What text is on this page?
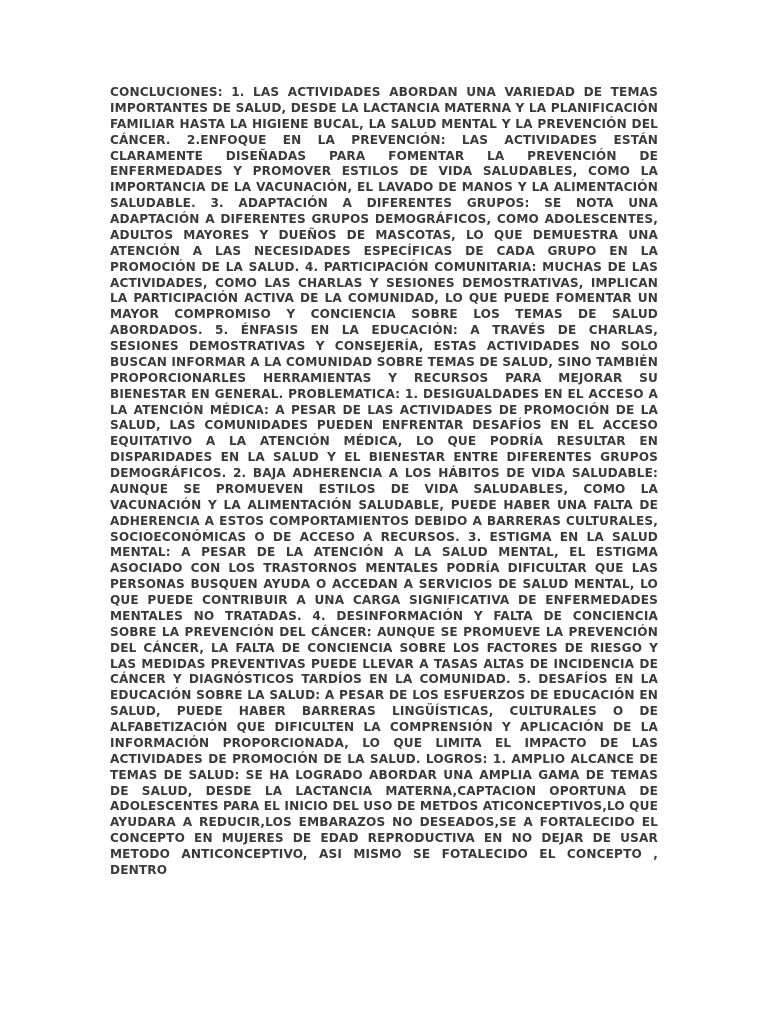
CONCLUCIONES: 1. LAS ACTIVIDADES ABORDAN UNA VARIEDAD DE TEMAS IMPORTANTES DE SALUD, DESDE LA LACTANCIA MATERNA Y LA PLANIFICACIÓN FAMILIAR HASTA LA HIGIENE BUCAL, LA SALUD MENTAL Y LA PREVENCIÓN DEL CÁNCER. 2.ENFOQUE EN LA PREVENCIÓN: LAS ACTIVIDADES ESTÁN CLARAMENTE DISEÑADAS PARA FOMENTAR LA PREVENCIÓN DE ENFERMEDADES Y PROMOVER ESTILOS DE VIDA SALUDABLES, COMO LA IMPORTANCIA DE LA VACUNACIÓN, EL LAVADO DE MANOS Y LA ALIMENTACIÓN SALUDABLE. 3. ADAPTACIÓN A DIFERENTES GRUPOS: SE NOTA UNA ADAPTACIÓN A DIFERENTES GRUPOS DEMOGRÁFICOS, COMO ADOLESCENTES, ADULTOS MAYORES Y DUEÑOS DE MASCOTAS, LO QUE DEMUESTRA UNA ATENCIÓN A LAS NECESIDADES ESPECÍFICAS DE CADA GRUPO EN LA PROMOCIÓN DE LA SALUD. 4. PARTICIPACIÓN COMUNITARIA: MUCHAS DE LAS ACTIVIDADES, COMO LAS CHARLAS Y SESIONES DEMOSTRATIVAS, IMPLICAN LA PARTICIPACIÓN ACTIVA DE LA COMUNIDAD, LO QUE PUEDE FOMENTAR UN MAYOR COMPROMISO Y CONCIENCIA SOBRE LOS TEMAS DE SALUD ABORDADOS. 5. ÉNFASIS EN LA EDUCACIÓN: A TRAVÉS DE CHARLAS, SESIONES DEMOSTRATIVAS Y CONSEJERÍA, ESTAS ACTIVIDADES NO SOLO BUSCAN INFORMAR A LA COMUNIDAD SOBRE TEMAS DE SALUD, SINO TAMBIÉN PROPORCIONARLES HERRAMIENTAS Y RECURSOS PARA MEJORAR SU BIENESTAR EN GENERAL. PROBLEMATICA: 1. DESIGUALDADES EN EL ACCESO A LA ATENCIÓN MÉDICA: A PESAR DE LAS ACTIVIDADES DE PROMOCIÓN DE LA SALUD, LAS COMUNIDADES PUEDEN ENFRENTAR DESAFÍOS EN EL ACCESO EQUITATIVO A LA ATENCIÓN MÉDICA, LO QUE PODRÍA RESULTAR EN DISPARIDADES EN LA SALUD Y EL BIENESTAR ENTRE DIFERENTES GRUPOS DEMOGRÁFICOS. 2. BAJA ADHERENCIA A LOS HÁBITOS DE VIDA SALUDABLE: AUNQUE SE PROMUEVEN ESTILOS DE VIDA SALUDABLES, COMO LA VACUNACIÓN Y LA ALIMENTACIÓN SALUDABLE, PUEDE HABER UNA FALTA DE ADHERENCIA A ESTOS COMPORTAMIENTOS DEBIDO A BARRERAS CULTURALES, SOCIOECONÓMICAS O DE ACCESO A RECURSOS. 3. ESTIGMA EN LA SALUD MENTAL: A PESAR DE LA ATENCIÓN A LA SALUD MENTAL, EL ESTIGMA ASOCIADO CON LOS TRASTORNOS MENTALES PODRÍA DIFICULTAR QUE LAS PERSONAS BUSQUEN AYUDA O ACCEDAN A SERVICIOS DE SALUD MENTAL, LO QUE PUEDE CONTRIBUIR A UNA CARGA SIGNIFICATIVA DE ENFERMEDADES MENTALES NO TRATADAS. 4. DESINFORMACIÓN Y FALTA DE CONCIENCIA SOBRE LA PREVENCIÓN DEL CÁNCER: AUNQUE SE PROMUEVE LA PREVENCIÓN DEL CÁNCER, LA FALTA DE CONCIENCIA SOBRE LOS FACTORES DE RIESGO Y LAS MEDIDAS PREVENTIVAS PUEDE LLEVAR A TASAS ALTAS DE INCIDENCIA DE CÁNCER Y DIAGNÓSTICOS TARDÍOS EN LA COMUNIDAD. 5. DESAFÍOS EN LA EDUCACIÓN SOBRE LA SALUD: A PESAR DE LOS ESFUERZOS DE EDUCACIÓN EN SALUD, PUEDE HABER BARRERAS LINGÜÍSTICAS, CULTURALES O DE ALFABETIZACIÓN QUE DIFICULTEN LA COMPRENSIÓN Y APLICACIÓN DE LA INFORMACIÓN PROPORCIONADA, LO QUE LIMITA EL IMPACTO DE LAS ACTIVIDADES DE PROMOCIÓN DE LA SALUD. LOGROS: 1. AMPLIO ALCANCE DE TEMAS DE SALUD: SE HA LOGRADO ABORDAR UNA AMPLIA GAMA DE TEMAS DE SALUD, DESDE LA LACTANCIA MATERNA,CAPTACION OPORTUNA DE ADOLESCENTES PARA EL INICIO DEL USO DE METDOS ATICONCEPTIVOS,LO QUE AYUDARA A REDUCIR,LOS EMBARAZOS NO DESEADOS,SE A FORTALECIDO EL CONCEPTO EN MUJERES DE EDAD REPRODUCTIVA EN NO DEJAR DE USAR METODO ANTICONCEPTIVO, ASI MISMO SE FOTALECIDO EL CONCEPTO , DENTRO
